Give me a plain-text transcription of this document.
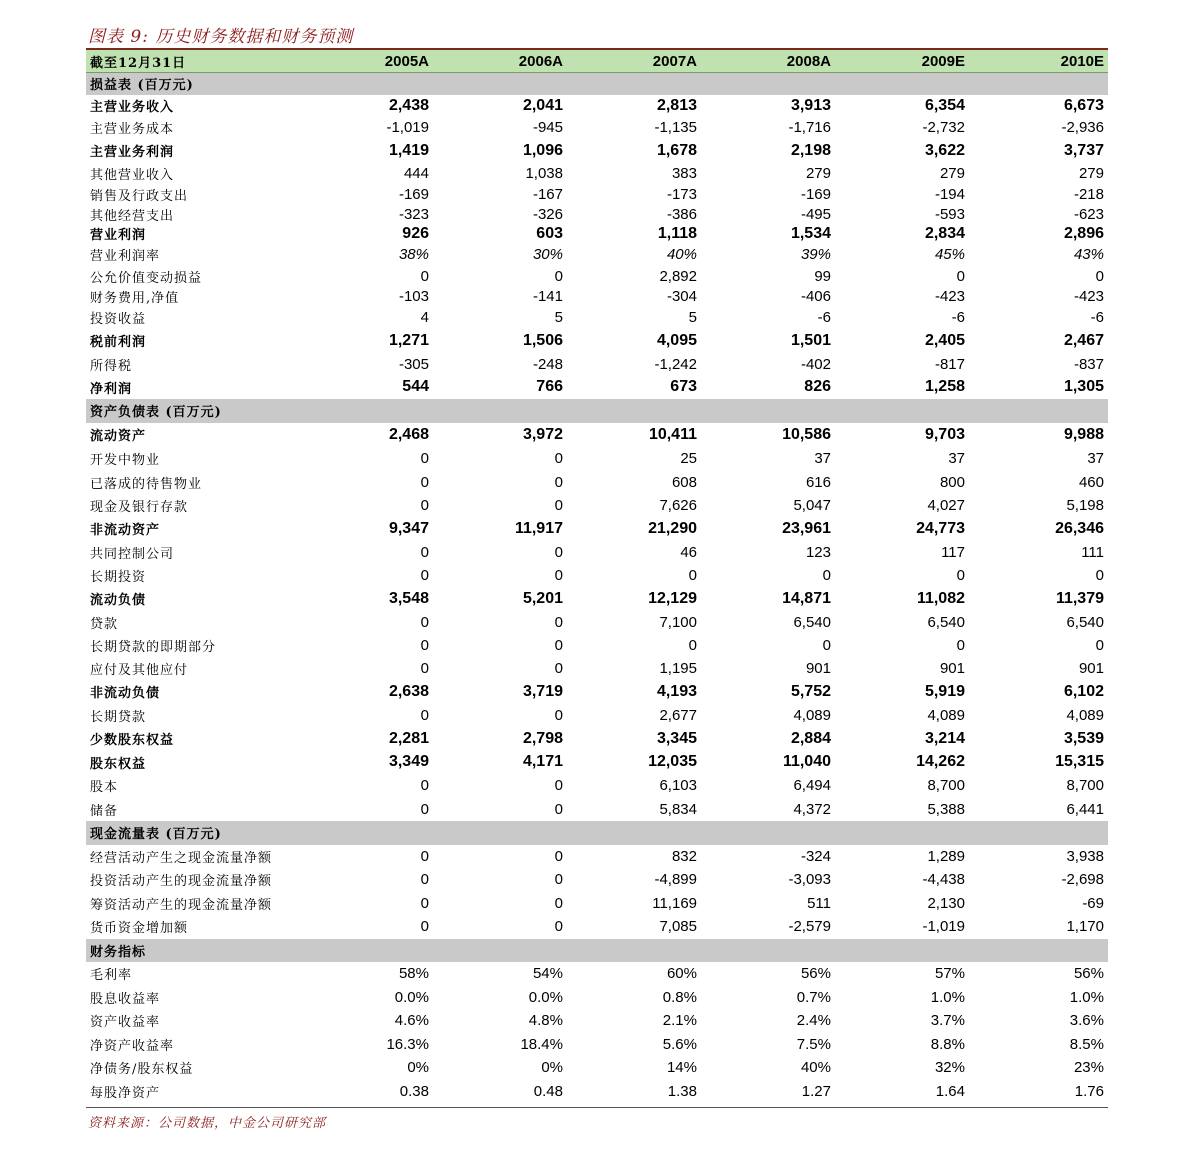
图表 9: 历史财务数据和财务预测
截至12月31日	2005A	2006A	2007A	2008A	2009E	2010E
损益表 (百万元)						
主营业务收入	2,438	2,041	2,813	3,913	6,354	6,673
主营业务成本	-1,019	-945	-1,135	-1,716	-2,732	-2,936
主营业务利润	1,419	1,096	1,678	2,198	3,622	3,737
其他营业收入	444	1,038	383	279	279	279
销售及行政支出	-169	-167	-173	-169	-194	-218
其他经营支出	-323	-326	-386	-495	-593	-623
营业利润	926	603	1,118	1,534	2,834	2,896
营业利润率	38%	30%	40%	39%	45%	43%
公允价值变动损益	0	0	2,892	99	0	0
财务费用,净值	-103	-141	-304	-406	-423	-423
投资收益	4	5	5	-6	-6	-6
税前利润	1,271	1,506	4,095	1,501	2,405	2,467
所得税	-305	-248	-1,242	-402	-817	-837
净利润	544	766	673	826	1,258	1,305
资产负债表 (百万元)						
流动资产	2,468	3,972	10,411	10,586	9,703	9,988
开发中物业	0	0	25	37	37	37
已落成的待售物业	0	0	608	616	800	460
现金及银行存款	0	0	7,626	5,047	4,027	5,198
非流动资产	9,347	11,917	21,290	23,961	24,773	26,346
共同控制公司	0	0	46	123	117	111
长期投资	0	0	0	0	0	0
流动负债	3,548	5,201	12,129	14,871	11,082	11,379
贷款	0	0	7,100	6,540	6,540	6,540
长期贷款的即期部分	0	0	0	0	0	0
应付及其他应付	0	0	1,195	901	901	901
非流动负债	2,638	3,719	4,193	5,752	5,919	6,102
长期贷款	0	0	2,677	4,089	4,089	4,089
少数股东权益	2,281	2,798	3,345	2,884	3,214	3,539
股东权益	3,349	4,171	12,035	11,040	14,262	15,315
股本	0	0	6,103	6,494	8,700	8,700
储备	0	0	5,834	4,372	5,388	6,441
现金流量表 (百万元)						
经营活动产生之现金流量净额	0	0	832	-324	1,289	3,938
投资活动产生的现金流量净额	0	0	-4,899	-3,093	-4,438	-2,698
筹资活动产生的现金流量净额	0	0	11,169	511	2,130	-69
货币资金增加额	0	0	7,085	-2,579	-1,019	1,170
财务指标						
毛利率	58%	54%	60%	56%	57%	56%
股息收益率	0.0%	0.0%	0.8%	0.7%	1.0%	1.0%
资产收益率	4.6%	4.8%	2.1%	2.4%	3.7%	3.6%
净资产收益率	16.3%	18.4%	5.6%	7.5%	8.8%	8.5%
净债务/股东权益	0%	0%	14%	40%	32%	23%
每股净资产	0.38	0.48	1.38	1.27	1.64	1.76
资料来源：公司数据，中金公司研究部
